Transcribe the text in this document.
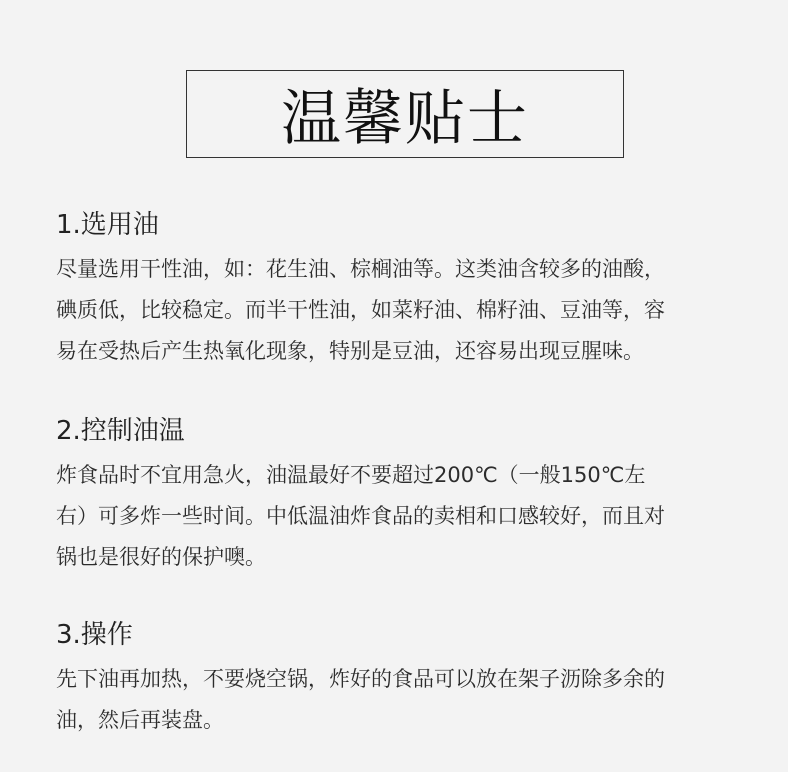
温馨贴士
1.选用油

尽量选用干性油，如：花生油、棕榈油等。这类油含较多的油酸，
碘质低，比较稳定。而半干性油，如菜籽油、棉籽油、豆油等，容
易在受热后产生热氧化现象，特别是豆油，还容易出现豆腥味。

2.控制油温

炸食品时不宜用急火，油温最好不要超过200℃（一般150℃左
右）可多炸一些时间。中低温油炸食品的卖相和口感较好，而且对
锅也是很好的保护噢。

3.操作

先下油再加热，不要烧空锅，炸好的食品可以放在架子沥除多余的
油，然后再装盘。
